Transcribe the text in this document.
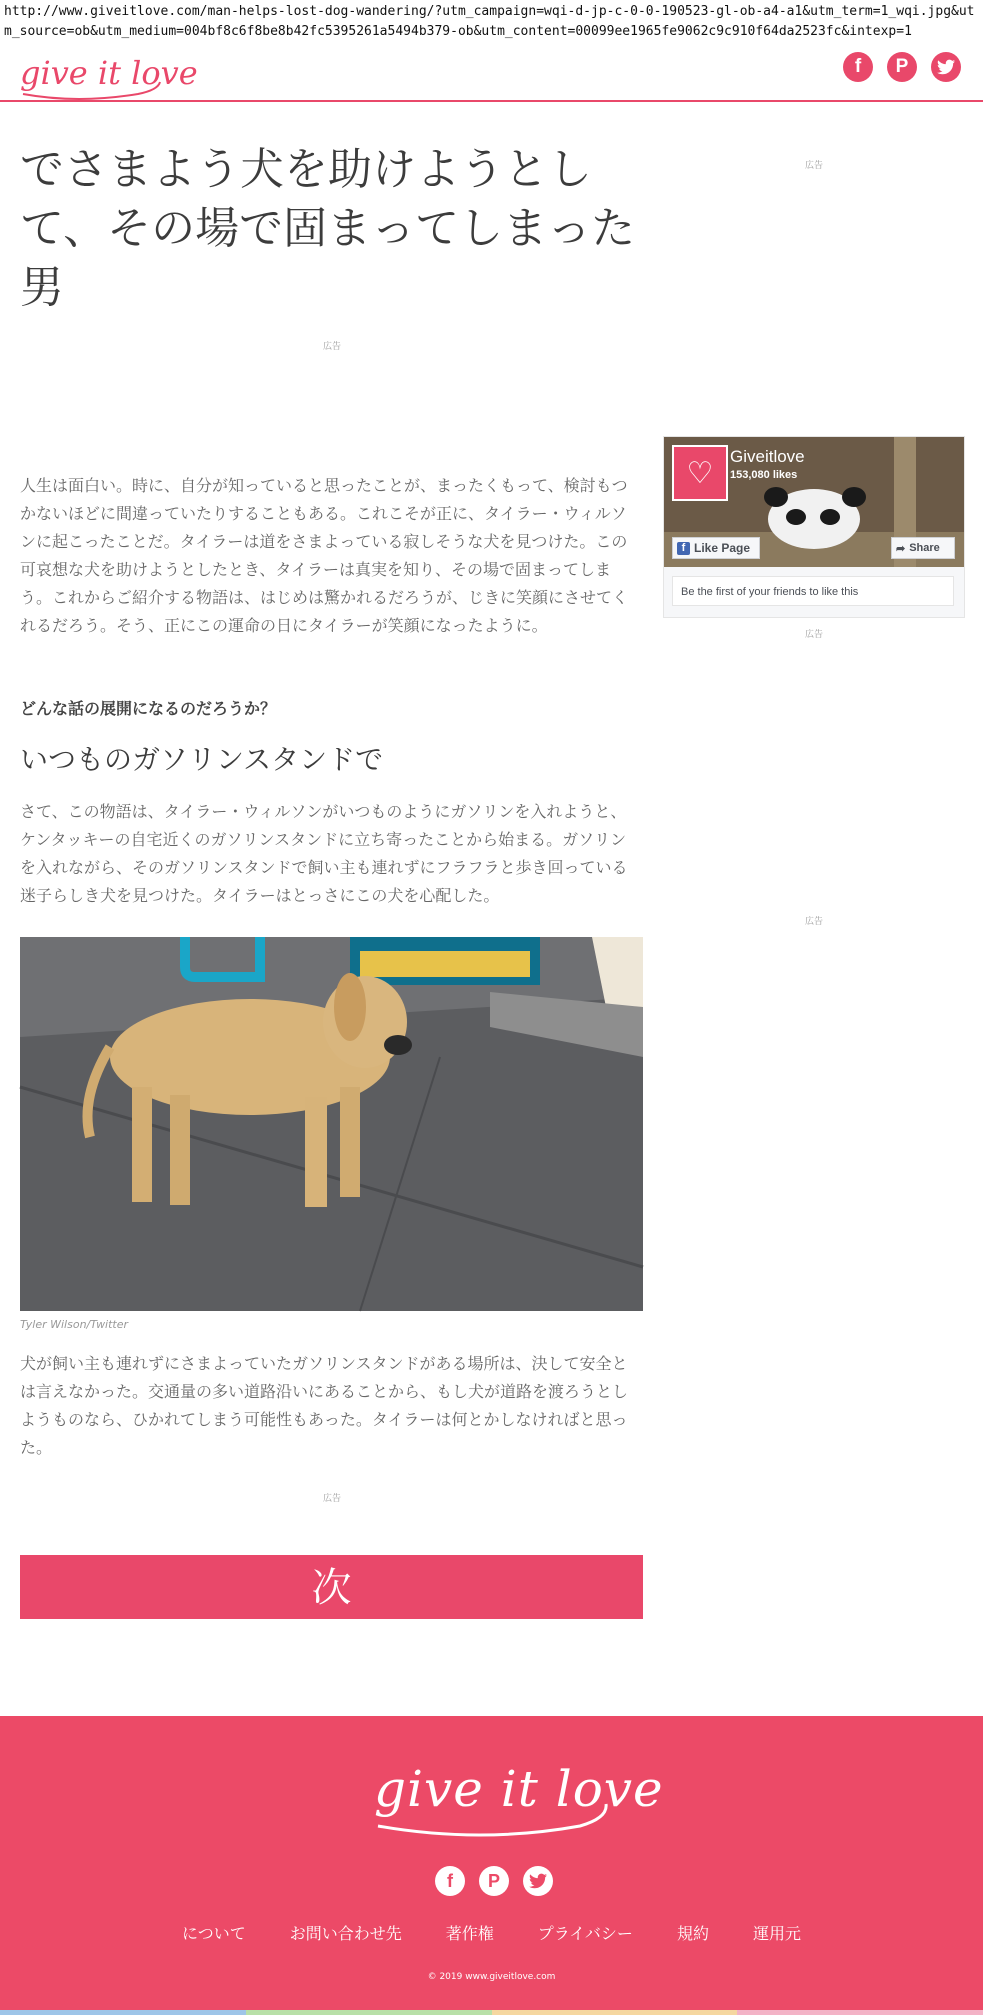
http://www.giveitlove.com/man-helps-lost-dog-wandering/?utm_campaign=wqi-d-jp-c-0-0-190523-gl-ob-a4-a1&utm_term=1_wqi.jpg&utm_source=ob&utm_medium=004bf8c6f8be8b42fc5395261a5494b379-ob&utm_content=00099ee1965fe9062c9c910f64da2523fc&intexp=1
give it love	f	P
でさまよう犬を助けようとして、その場で固まってしまった男
広告
広告

人生は面白い。時に、自分が知っていると思ったことが、まったくもって、検討もつかないほどに間違っていたりすることもある。これこそが正に、タイラー・ウィルソンに起こったことだ。タイラーは道をさまよっている寂しそうな犬を見つけた。この可哀想な犬を助けようとしたとき、タイラーは真実を知り、その場で固まってしまう。これからご紹介する物語は、はじめは驚かれるだろうが、じきに笑顔にさせてくれるだろう。そう、正にこの運命の日にタイラーが笑顔になったように。

どんな話の展開になるのだろうか？

いつものガソリンスタンドで

さて、この物語は、タイラー・ウィルソンがいつものようにガソリンを入れようと、ケンタッキーの自宅近くのガソリンスタンドに立ち寄ったことから始まる。ガソリンを入れながら、そのガソリンスタンドで飼い主も連れずにフラフラと歩き回っている迷子らしき犬を見つけた。タイラーはとっさにこの犬を心配した。

Tyler Wilson/Twitter

犬が飼い主も連れずにさまよっていたガソリンスタンドがある場所は、決して安全とは言えなかった。交通量の多い道路沿いにあることから、もし犬が道路を渡ろうとしようものなら、ひかれてしまう可能性もあった。タイラーは何とかしなければと思った。

広告
次
♡ Giveitlove
153,080 likes
f Like Page	➦ Share
Be the first of your friends to like this
広告
広告
give it love
f	P
について	お問い合わせ先	著作権	プライバシー	規約	運用元
© 2019 www.giveitlove.com
